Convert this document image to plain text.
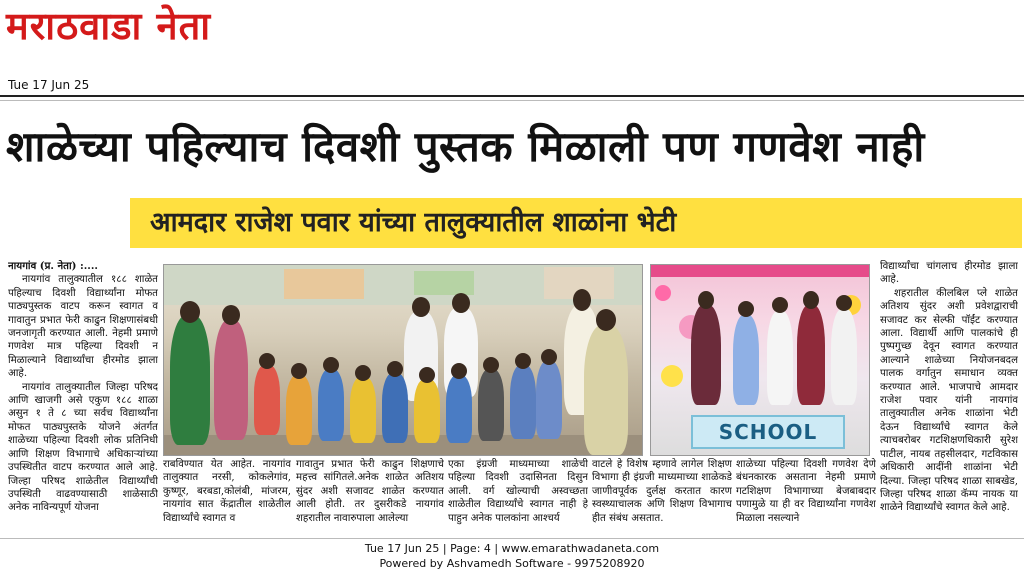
मराठवाडा नेता
Tue 17 Jun 25
शाळेच्या पहिल्याच दिवशी पुस्तक मिळाली पण गणवेश नाही
आमदार राजेश पवार यांच्या तालुक्यातील शाळांना भेटी

नायगांव (प्र. नेता) :....

नायगांव तालुक्यातील १८८ शाळेत पहिल्याच दिवशी विद्यार्थ्यांना मोफत पाठ्यपुस्तक वाटप करून स्वागत व गावातुन प्रभात फेरी काढुन शिक्षणासंबधी जनजागृती करण्यात आली. नेहमी प्रमाणे गणवेश मात्र पहिल्या दिवशी न मिळाल्याने विद्यार्थ्यांचा हीरमोड झाला आहे.

नायगांव तालुक्यातील जिल्हा परिषद आणि खाजगी असे एकुण १८८ शाळा असुन १ ते ८ च्या सर्वच विद्यार्थ्यांना मोफत पाठ्यपुस्तके योजने अंतर्गत शाळेच्या पहिल्या दिवशी लोक प्रतिनिधी आणि शिक्षण विभागाचे अधिकाऱ्यांच्या उपस्थितीत वाटप करण्यात आले आहे. जिल्हा परिषद शाळेतील विद्यार्थ्यांची उपस्थिती वाढवण्यासाठी शाळेसाठी अनेक नाविन्यपूर्ण योजना

SCHOOL

विद्यार्थ्यांचा चांगलाच हीरमोड झाला आहे.

शहरातील कीलबिल प्ले शाळेत अतिशय सुंदर अशी प्रवेशद्वाराची सजावट कर सेल्फी पॉईंट करण्यात आला. विद्यार्थी आणि पालकांचे ही पुष्पगुच्छ देवून स्वागत करण्यात आल्याने शाळेच्या नियोजनबदल पालक वर्गातुन समाधान व्यक्त करण्यात आले. भाजपाचे आमदार राजेश पवार यांनी नायगांव तालुक्यातील अनेक शाळांना भेटी देऊन विद्यार्थ्यांचे स्वागत केले त्याचबरोबर गटशिक्षणधिकारी सुरेश पाटील, नायब तहसीलदार, गटविकास अधिकारी आदींनी शाळांना भेटी दिल्या. जिल्हा परिषद शाळा साबखेड, जिल्हा परिषद शाळा कॅम्प नायक या शाळेने विद्यार्थ्यांचे स्वागत केले आहे.

राबविण्यात येत आहेत. नायगांव तालुक्यात नरसी, कोकलेगांव, कुष्णूर, बरबडा,कोलंबी, मांजरम, नायगांव सात केंद्रातील शाळेतील विद्यार्थ्यांचे स्वागत व

गावातुन प्रभात फेरी काढुन शिक्षणाचे महत्त्व सांगितले.अनेक शाळेत अतिशय सुंदर अशी सजावट शाळेत करण्यात आली होती. तर दुसरीकडे नायगांव शहरातील नावारुपाला आलेल्या

एका इंग्रजी माध्यमाच्या शाळेची पहिल्या दिवशी उदासिनता दिसुन आली. वर्ग खोल्याची अस्वच्छता शाळेतील विद्यार्थ्यांचे स्वागत नाही हे पाहुन अनेक पालकांना आश्चर्य

वाटले हे विशेष म्हणावे लागेल शिक्षण विभागा ही इंग्रजी माध्यमाच्या शाळेकडे जाणीवपूर्वक दुर्लक्ष करतात कारण स्वस्थ्याचालक अणि शिक्षण विभागाच हीत संबंध असतात.

शाळेच्या पहिल्या दिवशी गणवेश देणे बंधनकारक असताना नेहमी प्रमाणे गटशिक्षण विभागाच्या बेजबाबदार पणामुळे या ही वर विद्यार्थ्यांना गणवेश मिळाला नसल्याने

Tue 17 Jun 25 | Page: 4 | www.emarathwadaneta.com
Powered by Ashvamedh Software - 9975208920
